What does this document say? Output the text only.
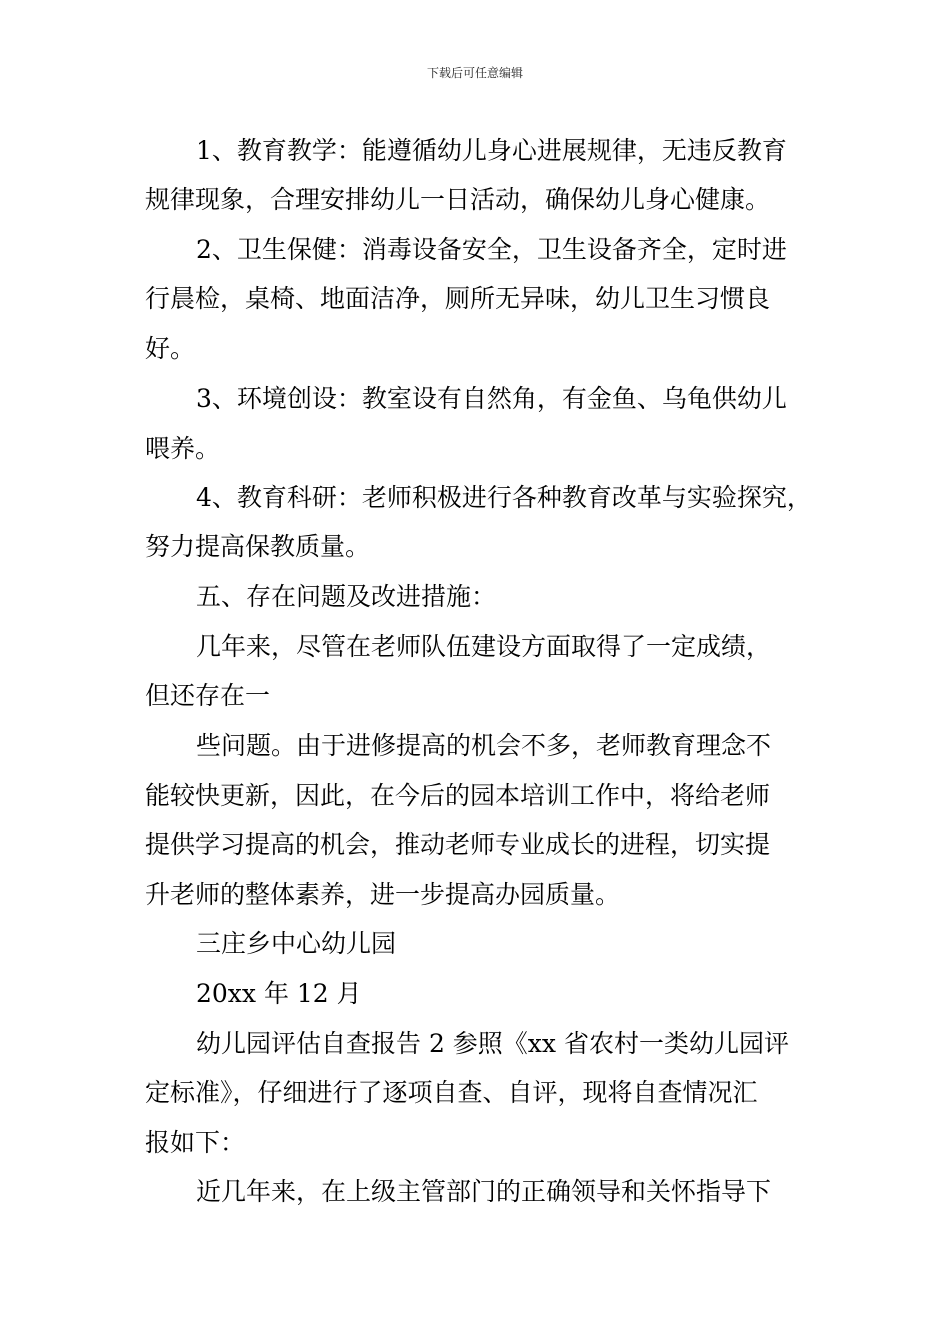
下载后可任意编辑
1、教育教学：能遵循幼儿身心进展规律，无违反教育
规律现象，合理安排幼儿一日活动，确保幼儿身心健康。
2、卫生保健：消毒设备安全，卫生设备齐全，定时进
行晨检，桌椅、地面洁净，厕所无异味，幼儿卫生习惯良
好。
3、环境创设：教室设有自然角，有金鱼、乌龟供幼儿
喂养。
4、教育科研：老师积极进行各种教育改革与实验探究，
努力提高保教质量。
五、存在问题及改进措施：
几年来，尽管在老师队伍建设方面取得了一定成绩，
但还存在一
些问题。由于进修提高的机会不多，老师教育理念不
能较快更新，因此，在今后的园本培训工作中，将给老师
提供学习提高的机会，推动老师专业成长的进程，切实提
升老师的整体素养，进一步提高办园质量。
三庄乡中心幼儿园
20xx 年 12 月
幼儿园评估自查报告 2 参照《xx 省农村一类幼儿园评
定标准》，仔细进行了逐项自查、自评，现将自查情况汇
报如下：
近几年来，在上级主管部门的正确领导和关怀指导下
